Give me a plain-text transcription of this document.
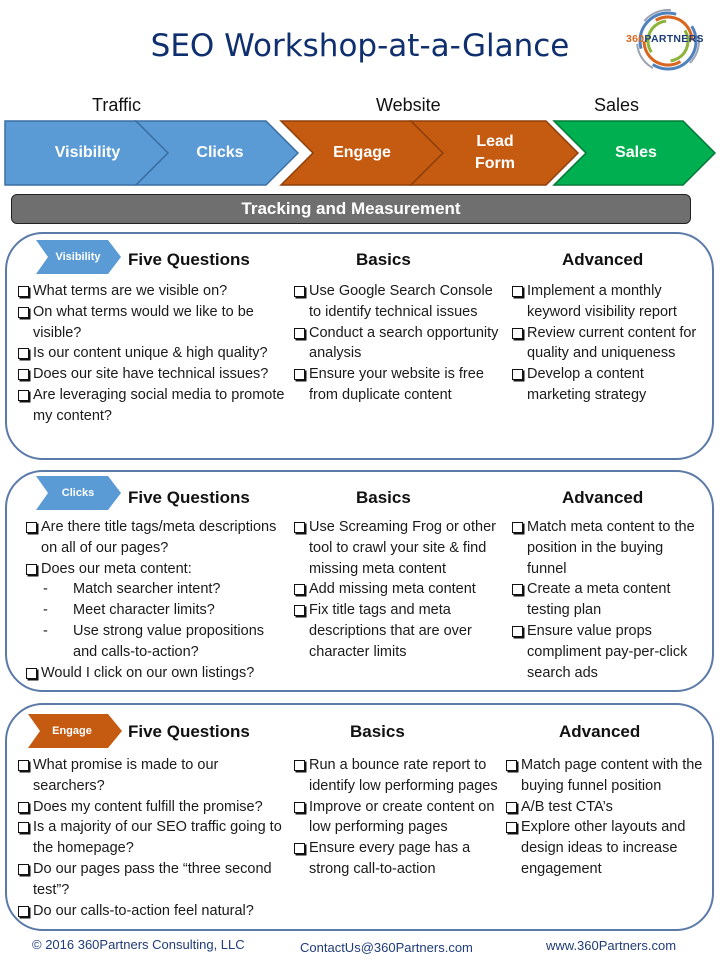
SEO Workshop-at-a-Glance	360PARTNERS
Traffic	Website	Sales
Visibility	Clicks	Engage
Lead
Form
Sales
Tracking and Measurement
Visibility	Five Questions	Basics	Advanced
What terms are we visible on?
On what terms would we like to be visible?
Is our content unique & high quality?
Does our site have technical issues?
Are leveraging social media to promote my content?
Use Google Search Console to identify technical issues
Conduct a search opportunity analysis
Ensure your website is free from duplicate content
Implement a monthly keyword visibility report
Review current content for quality and uniqueness
Develop a content marketing strategy
Clicks	Five Questions	Basics	Advanced
Are there title tags/meta descriptions on all of our pages?
Does our meta content:
- Match searcher intent?
- Meet character limits?
- Use strong value propositions and calls-to-action?
Would I click on our own listings?
Use Screaming Frog or other tool to crawl your site & find missing meta content
Add missing meta content
Fix title tags and meta descriptions that are over character limits
Match meta content to the position in the buying funnel
Create a meta content testing plan
Ensure value props compliment pay-per-click search ads
Engage	Five Questions	Basics	Advanced
What promise is made to our searchers?
Does my content fulfill the promise?
Is a majority of our SEO traffic going to the homepage?
Do our pages pass the “three second test”?
Do our calls-to-action feel natural?
Run a bounce rate report to identify low performing pages
Improve or create content on low performing pages
Ensure every page has a strong call-to-action
Match page content with the buying funnel position
A/B test CTA’s
Explore other layouts and design ideas to increase engagement
© 2016 360Partners Consulting, LLC	ContactUs@360Partners.com	www.360Partners.com
